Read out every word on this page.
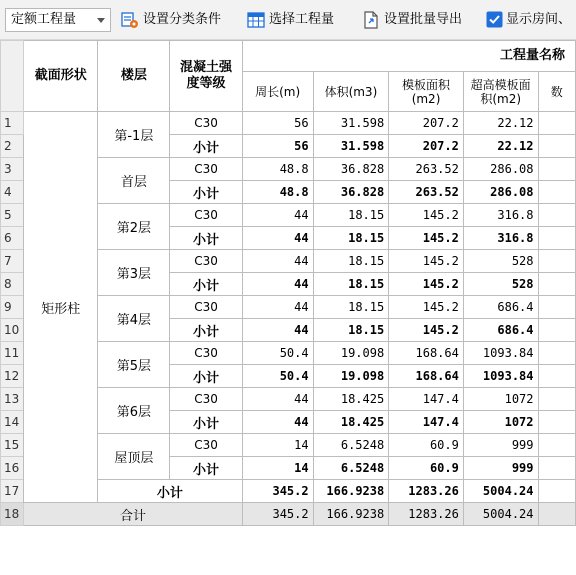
定额工程量	设置分类条件	选择工程量	设置批量导出	显示房间、
	截面形状	楼层	混凝土强度等级	工程量名称				
				周长(m)	体积(m3)	模板面积(m2)	超高模板面积(m2)	数
1	矩形柱	第-1层	C30	56	31.598	207.2	22.12	
2			小计	56	31.598	207.2	22.12	
3		首层	C30	48.8	36.828	263.52	286.08	
4			小计	48.8	36.828	263.52	286.08	
5		第2层	C30	44	18.15	145.2	316.8	
6			小计	44	18.15	145.2	316.8	
7		第3层	C30	44	18.15	145.2	528	
8			小计	44	18.15	145.2	528	
9		第4层	C30	44	18.15	145.2	686.4	
10			小计	44	18.15	145.2	686.4	
11		第5层	C30	50.4	19.098	168.64	1093.84	
12			小计	50.4	19.098	168.64	1093.84	
13		第6层	C30	44	18.425	147.4	1072	
14			小计	44	18.425	147.4	1072	
15		屋顶层	C30	14	6.5248	60.9	999	
16			小计	14	6.5248	60.9	999	
17		小计		345.2	166.9238	1283.26	5004.24	
18	合计			345.2	166.9238	1283.26	5004.24	
